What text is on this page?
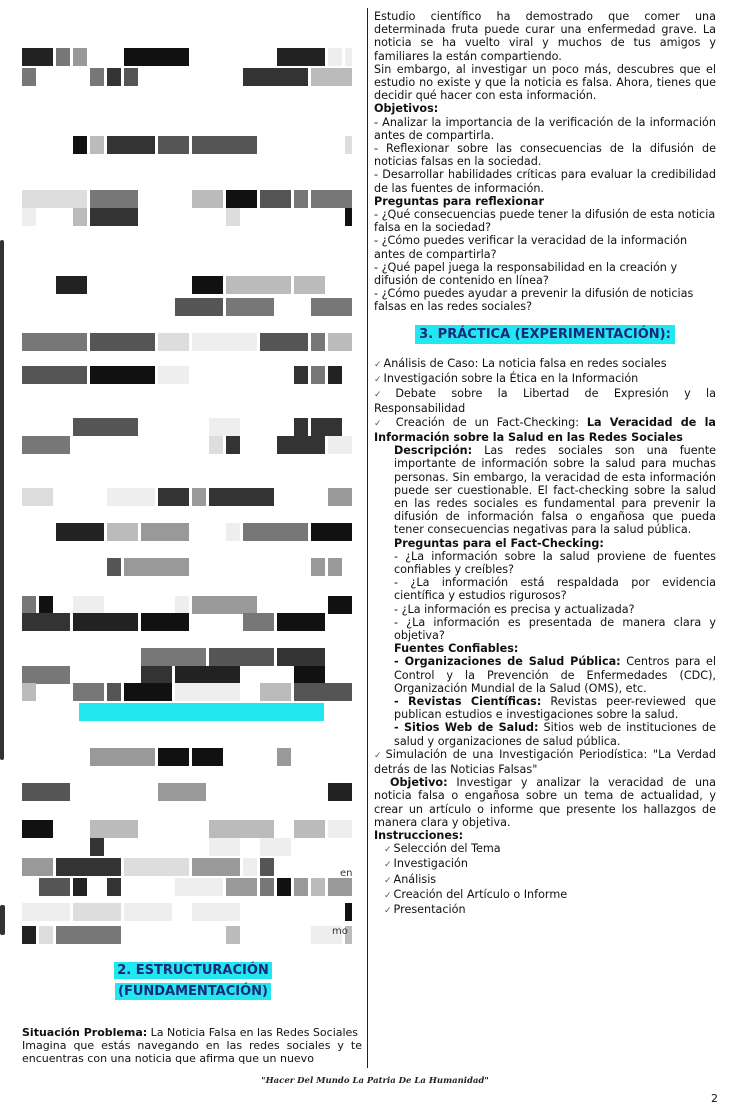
en
mo
2. ESTRUCTURACIÓN
(FUNDAMENTACIÓN)
Situación Problema: La Noticia Falsa en las Redes Sociales
Imagina que estás navegando en las redes sociales y te encuentras con una noticia que afirma que un nuevo

Estudio científico ha demostrado que comer una determinada fruta puede curar una enfermedad grave. La noticia se ha vuelto viral y muchos de tus amigos y familiares la están compartiendo.

Sin embargo, al investigar un poco más, descubres que el estudio no existe y que la noticia es falsa. Ahora, tienes que decidir qué hacer con esta información.

Objetivos:

- Analizar la importancia de la verificación de la información antes de compartirla.

- Reflexionar sobre las consecuencias de la difusión de noticias falsas en la sociedad.

- Desarrollar habilidades críticas para evaluar la credibilidad de las fuentes de información.

Preguntas para reflexionar

- ¿Qué consecuencias puede tener la difusión de esta noticia falsa en la sociedad?

- ¿Cómo puedes verificar la veracidad de la información antes de compartirla?

- ¿Qué papel juega la responsabilidad en la creación y difusión de contenido en línea?

- ¿Cómo puedes ayudar a prevenir la difusión de noticias falsas en las redes sociales?

3. PRÁCTICA (EXPERIMENTACIÓN):

✓ Análisis de Caso: La noticia falsa en redes sociales

✓ Investigación sobre la Ética en la Información

✓ Debate sobre la Libertad de Expresión y la Responsabilidad

✓ Creación de un Fact-Checking: La Veracidad de la Información sobre la Salud en las Redes Sociales

Descripción: Las redes sociales son una fuente importante de información sobre la salud para muchas personas. Sin embargo, la veracidad de esta información puede ser cuestionable. El fact-checking sobre la salud en las redes sociales es fundamental para prevenir la difusión de información falsa o engañosa que pueda tener consecuencias negativas para la salud pública.

Preguntas para el Fact-Checking:

- ¿La información sobre la salud proviene de fuentes confiables y creíbles?

- ¿La información está respaldada por evidencia científica y estudios rigurosos?

- ¿La información es precisa y actualizada?

- ¿La información es presentada de manera clara y objetiva?

Fuentes Confiables:

- Organizaciones de Salud Pública: Centros para el Control y la Prevención de Enfermedades (CDC), Organización Mundial de la Salud (OMS), etc.

- Revistas Científicas: Revistas peer-reviewed que publican estudios e investigaciones sobre la salud.

- Sitios Web de Salud: Sitios web de instituciones de salud y organizaciones de salud pública.

✓ Simulación de una Investigación Periodística: "La Verdad detrás de las Noticias Falsas"

Objetivo: Investigar y analizar la veracidad de una noticia falsa o engañosa sobre un tema de actualidad, y crear un artículo o informe que presente los hallazgos de manera clara y objetiva.

Instrucciones:

✓ Selección del Tema

✓ Investigación

✓ Análisis

✓ Creación del Artículo o Informe

✓ Presentación

"Hacer Del Mundo La Patria De La Humanidad"
2
